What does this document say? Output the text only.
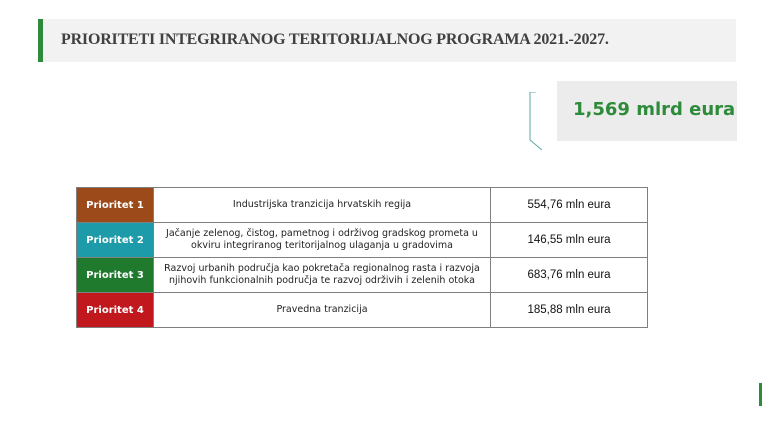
PRIORITETI INTEGRIRANOG TERITORIJALNOG PROGRAMA 2021.-2027.
1,569 mlrd eura
Prioritet 1	Industrijska tranzicija hrvatskih regija	554,76 mln eura
Prioritet 2	Jačanje zelenog, čistog, pametnog i održivog gradskog prometa u okviru integriranog teritorijalnog ulaganja u gradovima	146,55 mln eura
Prioritet 3	Razvoj urbanih područja kao pokretača regionalnog rasta i razvoja njihovih funkcionalnih područja te razvoj održivih i zelenih otoka	683,76 mln eura
Prioritet 4	Pravedna tranzicija	185,88 mln eura
